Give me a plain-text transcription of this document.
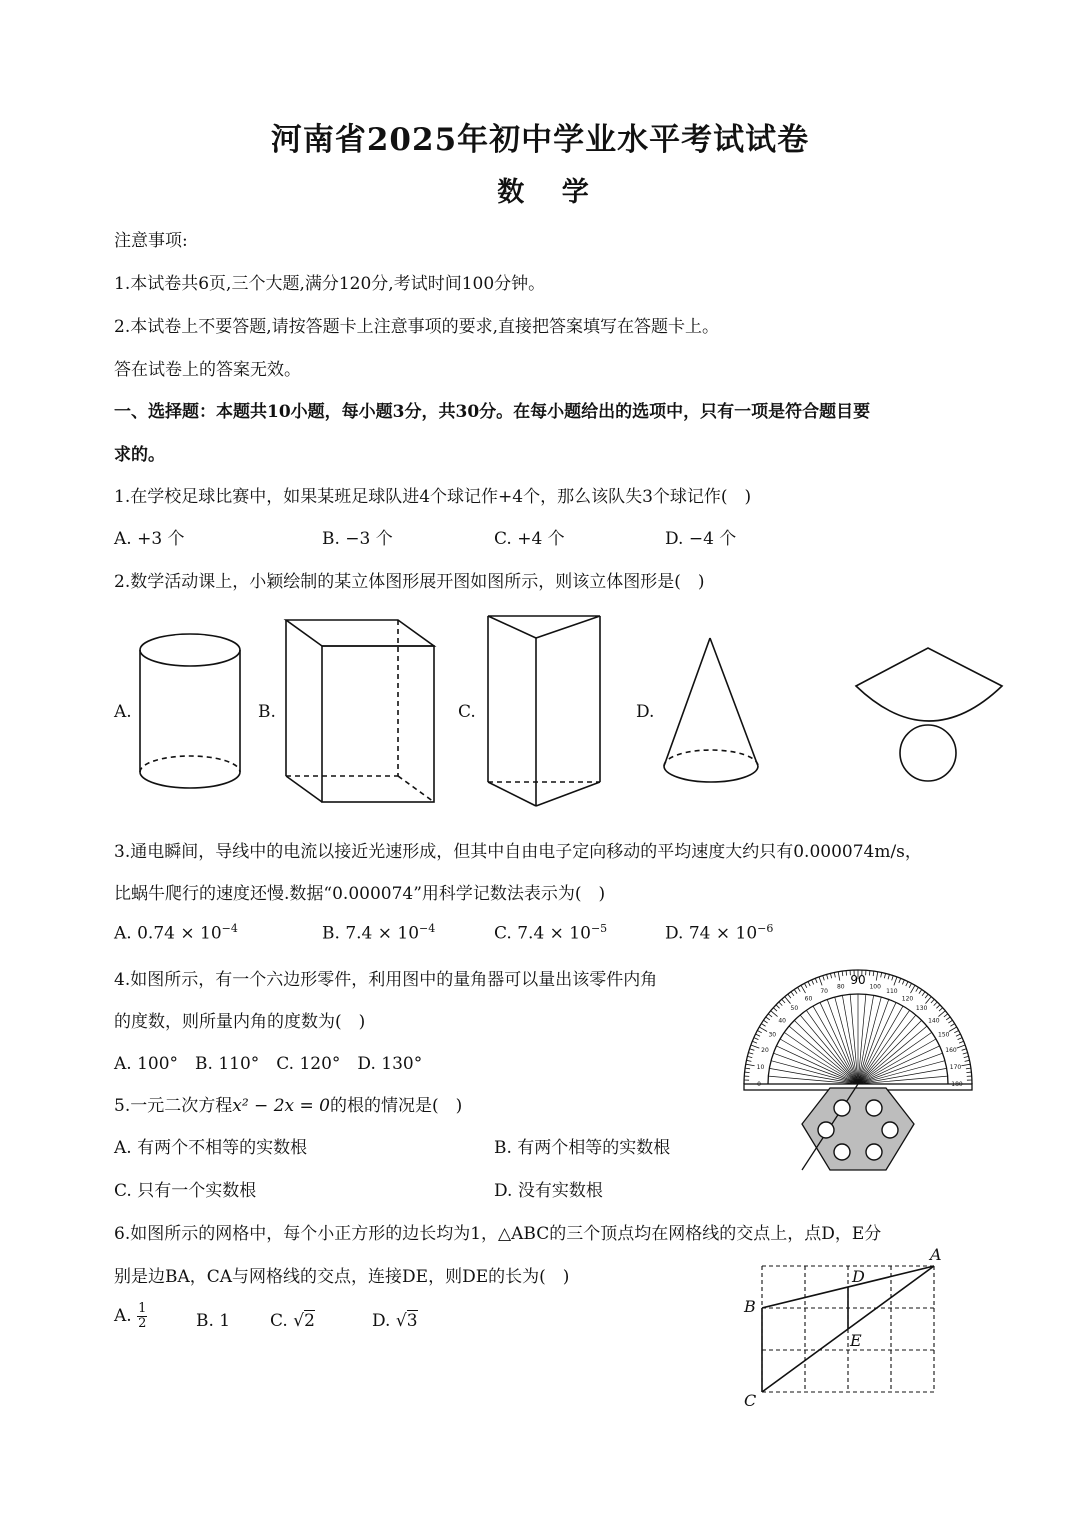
河南省2025年初中学业水平考试试卷
数 学
注意事项:
1.本试卷共6页,三个大题,满分120分,考试时间100分钟。
2.本试卷上不要答题,请按答题卡上注意事项的要求,直接把答案填写在答题卡上。
答在试卷上的答案无效。
一、选择题：本题共10小题，每小题3分，共30分。在每小题给出的选项中，只有一项是符合题目要
求的。
1.在学校足球比赛中，如果某班足球队进4个球记作+4个，那么该队失3个球记作(　)
A. +3 个	B. −3 个	C. +4 个	D. −4 个
2.数学活动课上，小颖绘制的某立体图形展开图如图所示，则该立体图形是(　)
A.	B.	C.	D.
3.通电瞬间，导线中的电流以接近光速形成，但其中自由电子定向移动的平均速度大约只有0.000074m/s，
比蜗牛爬行的速度还慢.数据“0.000074”用科学记数法表示为(　)
A. $0.74 \times 10^{-4}$	B. $7.4 \times 10^{-4}$	C. $7.4 \times 10^{-5}$	D. $74 \times 10^{-6}$
4.如图所示，有一个六边形零件，利用图中的量角器可以量出该零件内角
的度数，则所量内角的度数为(　)
A. 100°　B. 110°　C. 120°　D. 130°
0
10
20
30
40
50
60
70
80	100
110
120
130
140
150
160
170
180
90
5.一元二次方程x² − 2x = 0的根的情况是(　)
A. 有两个不相等的实数根	B. 有两个相等的实数根
C. 只有一个实数根	D. 没有实数根
6.如图所示的网格中，每个小正方形的边长均为1，△ABC的三个顶点均在网格线的交点上，点D，E分
别是边BA，CA与网格线的交点，连接DE，则DE的长为(　)
A. $\frac{1}{2}$	B. 1 C. √2	D. √3
A
B
C
D
E
